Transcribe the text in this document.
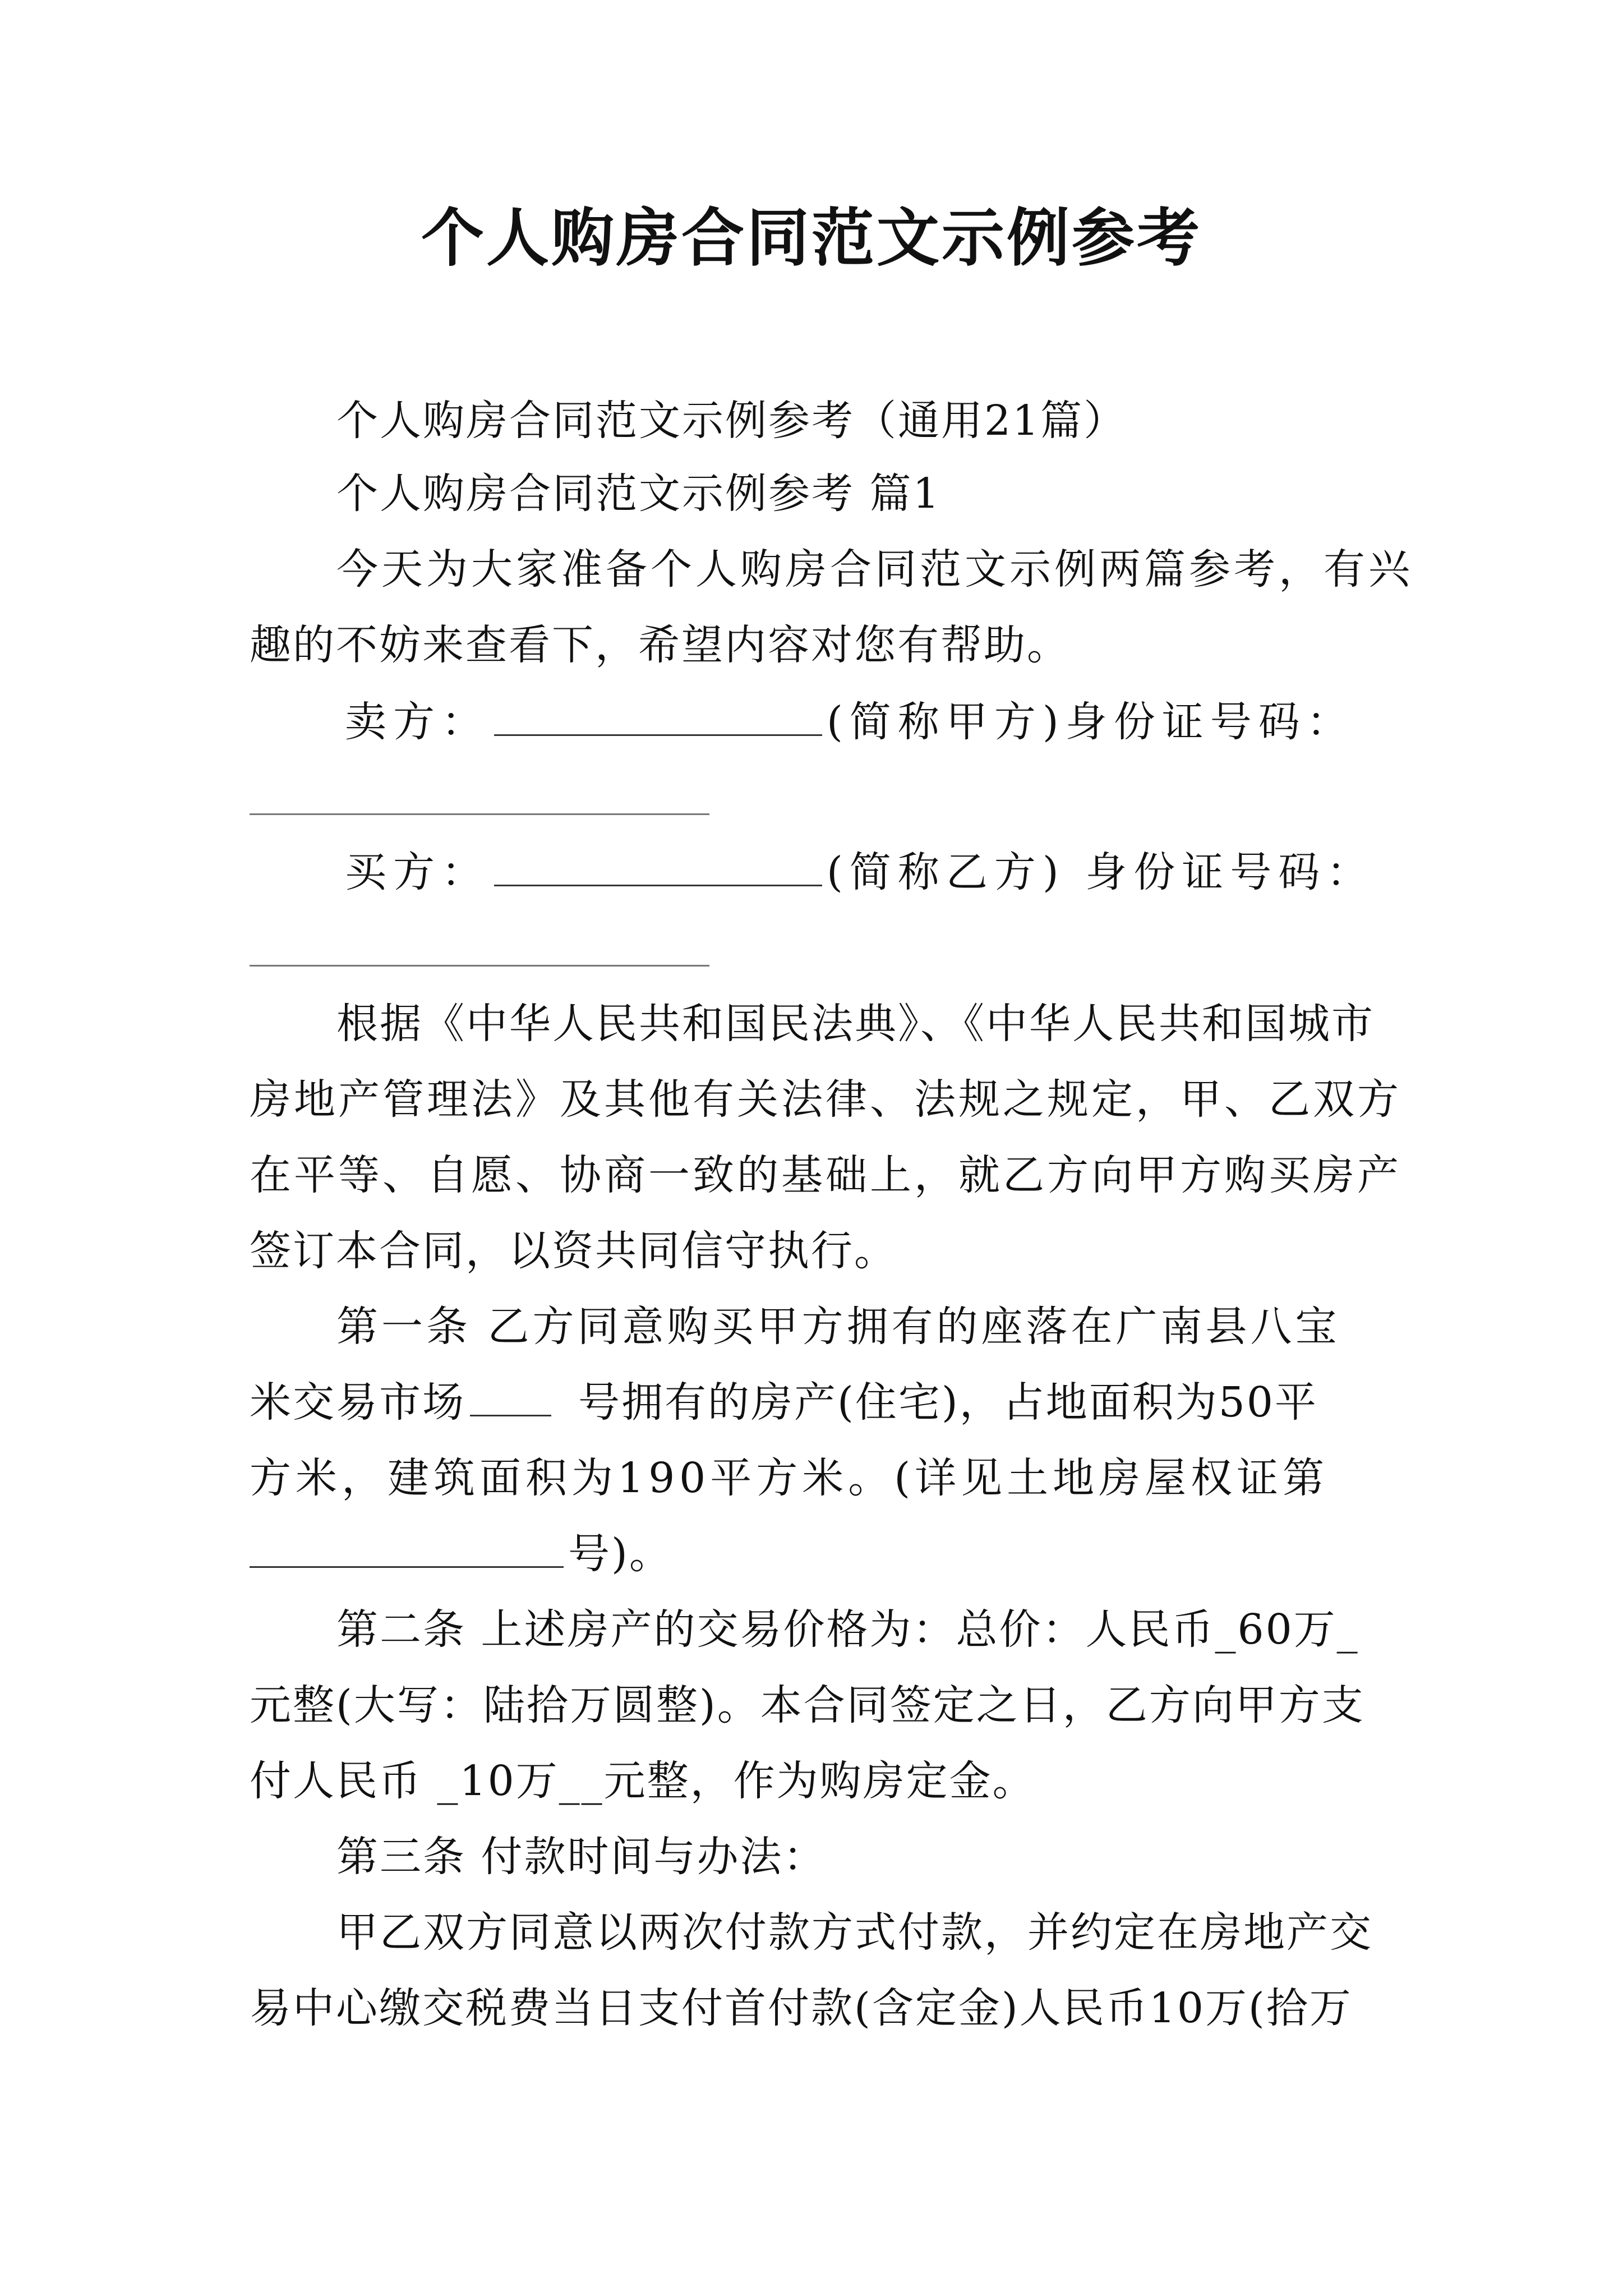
个人购房合同范文示例参考
个人购房合同范文示例参考（通用21篇）
个人购房合同范文示例参考 篇1
今天为大家准备个人购房合同范文示例两篇参考，有兴
趣的不妨来查看下，希望内容对您有帮助。
卖方：	(简称甲方)身份证号码：
买方：	(简称乙方) 身份证号码：
根据《中华人民共和国民法典》、《中华人民共和国城市
房地产管理法》及其他有关法律、法规之规定，甲、乙双方
在平等、自愿、协商一致的基础上，就乙方向甲方购买房产
签订本合同，以资共同信守执行。
第一条 乙方同意购买甲方拥有的座落在广南县八宝
米交易市场	号拥有的房产(住宅)，占地面积为50平
方米，建筑面积为190平方米。(详见土地房屋权证第
号)。
第二条 上述房产的交易价格为：总价：人民币_60万_
元整(大写：陆拾万圆整)。本合同签定之日，乙方向甲方支
付人民币 _10万__元整，作为购房定金。
第三条 付款时间与办法：
甲乙双方同意以两次付款方式付款，并约定在房地产交
易中心缴交税费当日支付首付款(含定金)人民币10万(拾万
